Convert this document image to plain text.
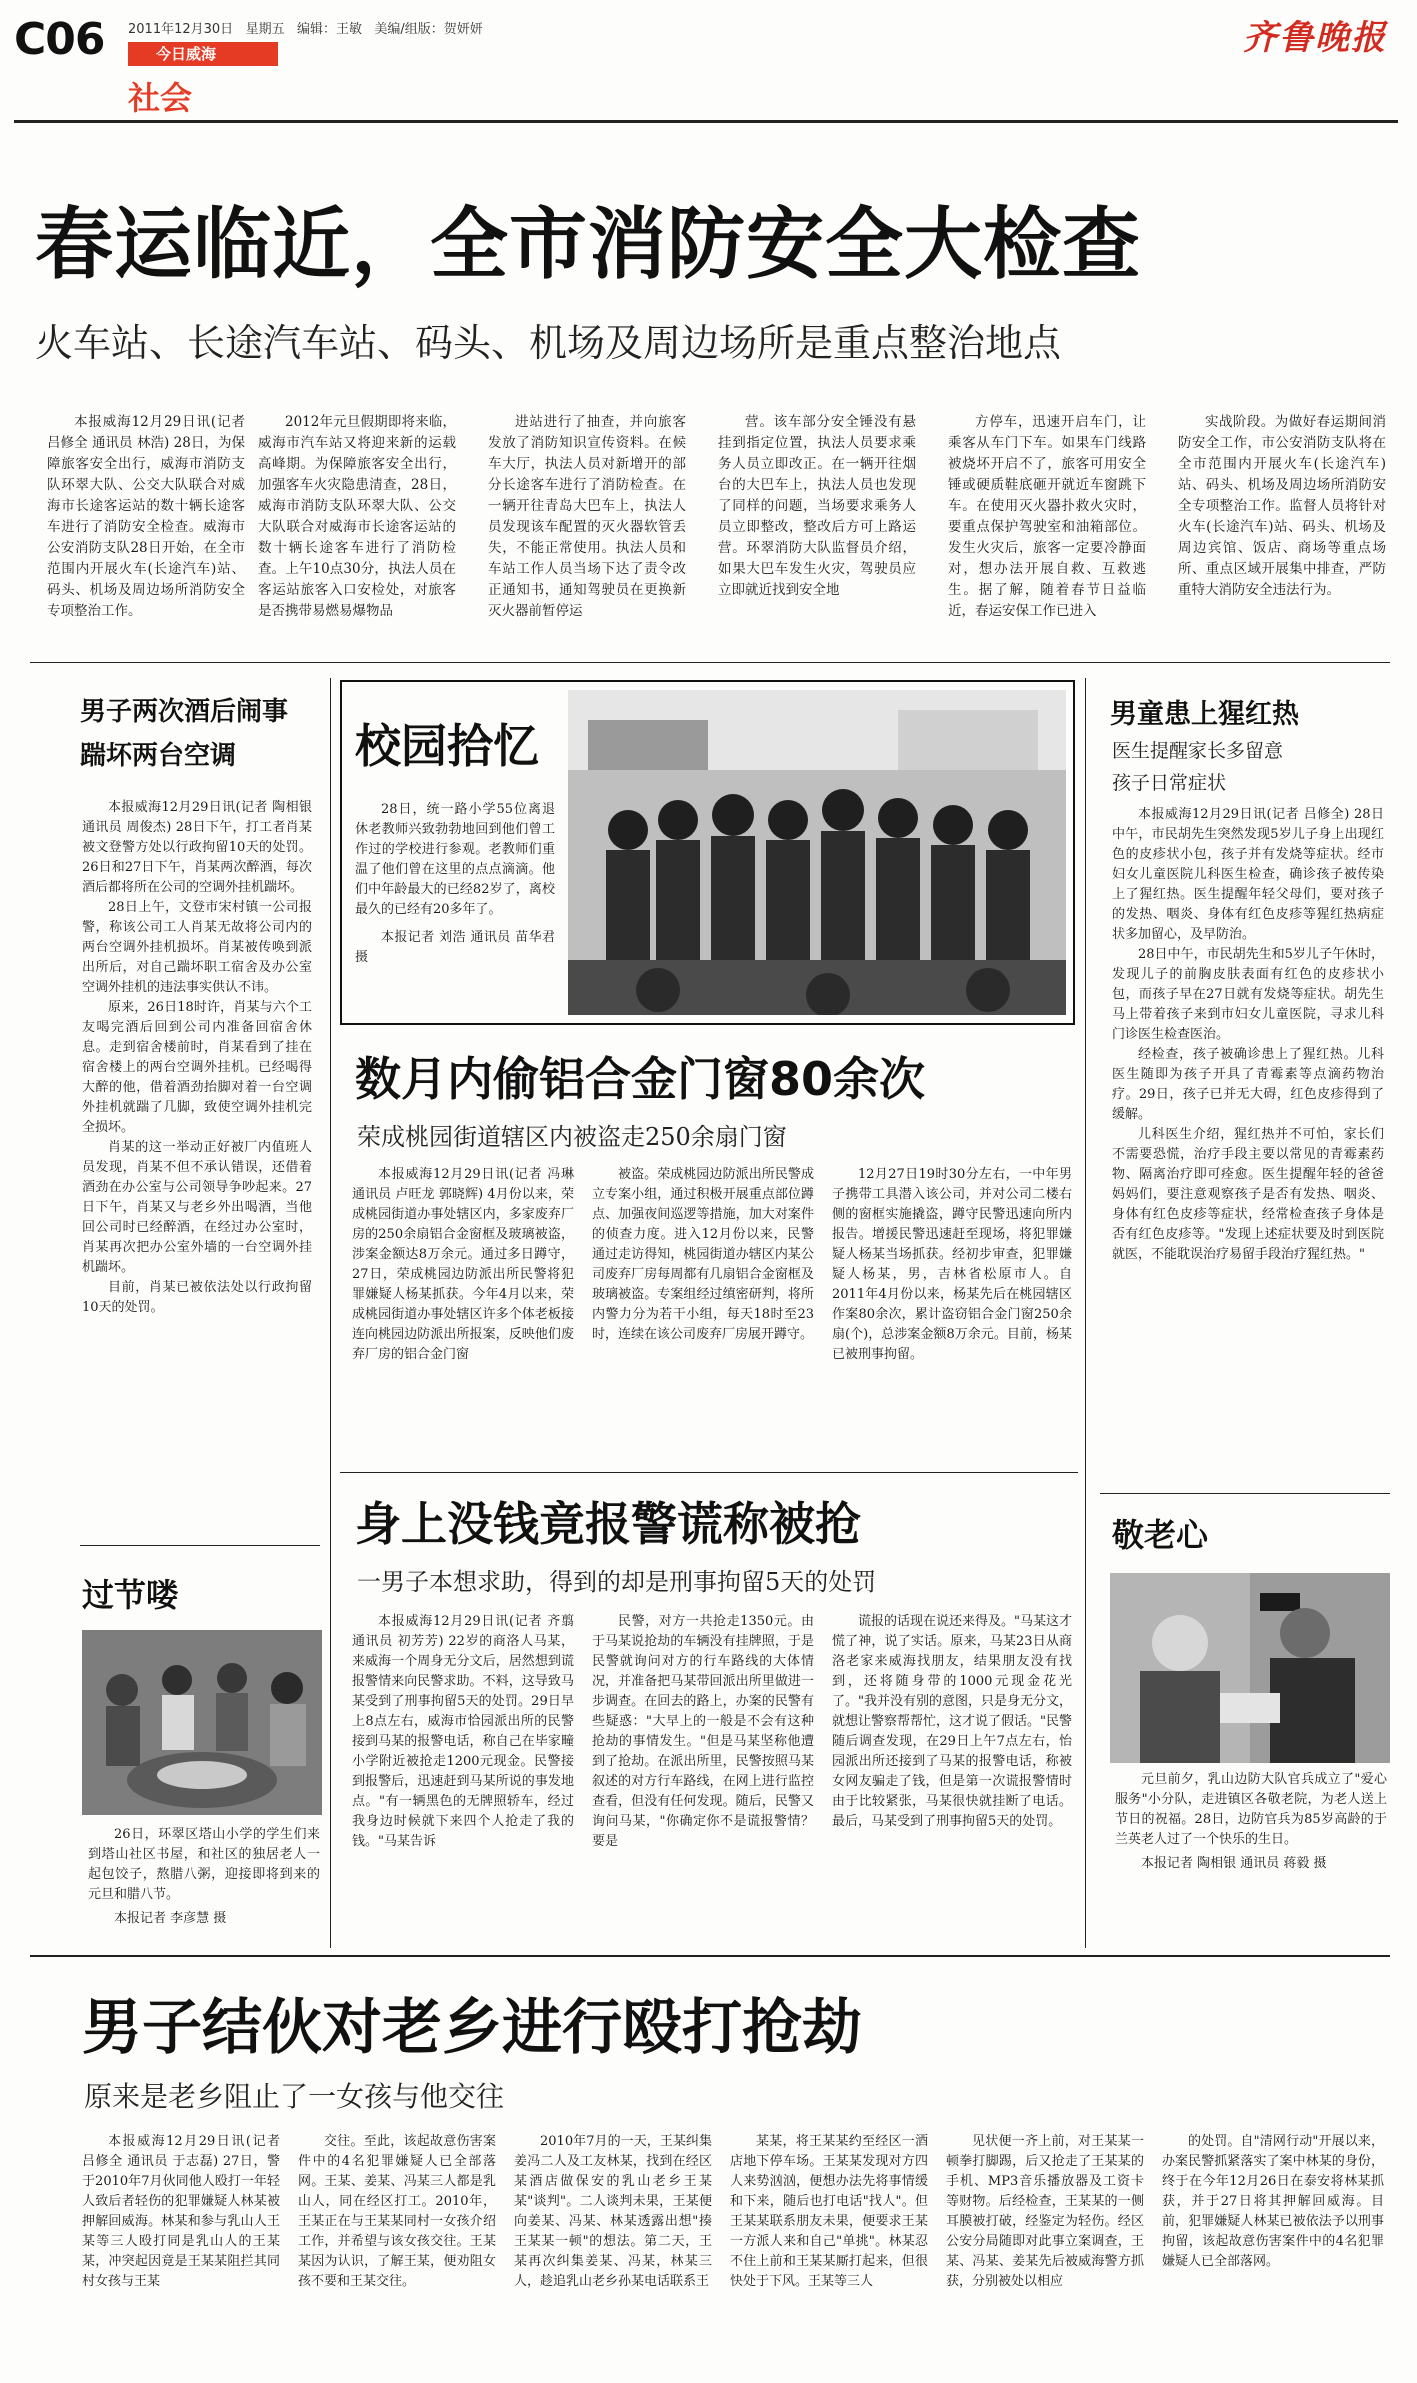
C06 2011年12月30日 星期五 编辑：王敏 美编/组版：贺妍妍
今日威海
社会
齐鲁晚报
春运临近，全市消防安全大检查
火车站、长途汽车站、码头、机场及周边场所是重点整治地点

本报威海12月29日讯(记者 吕修全 通讯员 林浩) 28日，为保障旅客安全出行，威海市消防支队环翠大队、公交大队联合对威海市长途客运站的数十辆长途客车进行了消防安全检查。威海市公安消防支队28日开始，在全市范围内开展火车(长途汽车)站、码头、机场及周边场所消防安全专项整治工作。

2012年元旦假期即将来临，威海市汽车站又将迎来新的运载高峰期。为保障旅客安全出行，加强客车火灾隐患清查，28日，威海市消防支队环翠大队、公交大队联合对威海市长途客运站的数十辆长途客车进行了消防检查。上午10点30分，执法人员在客运站旅客入口安检处，对旅客是否携带易燃易爆物品

进站进行了抽查，并向旅客发放了消防知识宣传资料。在候车大厅，执法人员对新增开的部分长途客车进行了消防检查。在一辆开往青岛大巴车上，执法人员发现该车配置的灭火器软管丢失，不能正常使用。执法人员和车站工作人员当场下达了责令改正通知书，通知驾驶员在更换新灭火器前暂停运

营。该车部分安全锤没有悬挂到指定位置，执法人员要求乘务人员立即改正。在一辆开往烟台的大巴车上，执法人员也发现了同样的问题，当场要求乘务人员立即整改，整改后方可上路运营。环翠消防大队监督员介绍，如果大巴车发生火灾，驾驶员应立即就近找到安全地

方停车，迅速开启车门，让乘客从车门下车。如果车门线路被烧坏开启不了，旅客可用安全锤或硬质鞋底砸开就近车窗跳下车。在使用灭火器扑救火灾时，要重点保护驾驶室和油箱部位。发生火灾后，旅客一定要冷静面对，想办法开展自救、互救逃生。据了解，随着春节日益临近，春运安保工作已进入

实战阶段。为做好春运期间消防安全工作，市公安消防支队将在全市范围内开展火车(长途汽车)站、码头、机场及周边场所消防安全专项整治工作。监督人员将针对火车(长途汽车)站、码头、机场及周边宾馆、饭店、商场等重点场所、重点区域开展集中排查，严防重特大消防安全违法行为。

男子两次酒后闹事
踹坏两台空调

本报威海12月29日讯(记者 陶相银 通讯员 周俊杰) 28日下午，打工者肖某被文登警方处以行政拘留10天的处罚。26日和27日下午，肖某两次醉酒，每次酒后都将所在公司的空调外挂机踹坏。

28日上午，文登市宋村镇一公司报警，称该公司工人肖某无故将公司内的两台空调外挂机损坏。肖某被传唤到派出所后，对自己踹坏职工宿舍及办公室空调外挂机的违法事实供认不讳。

原来，26日18时许，肖某与六个工友喝完酒后回到公司内准备回宿舍休息。走到宿舍楼前时，肖某看到了挂在宿舍楼上的两台空调外挂机。已经喝得大醉的他，借着酒劲抬脚对着一台空调外挂机就踹了几脚，致使空调外挂机完全损坏。

肖某的这一举动正好被厂内值班人员发现，肖某不但不承认错误，还借着酒劲在办公室与公司领导争吵起来。27日下午，肖某又与老乡外出喝酒，当他回公司时已经醉酒，在经过办公室时，肖某再次把办公室外墙的一台空调外挂机踹坏。

目前，肖某已被依法处以行政拘留10天的处罚。

过节喽

26日，环翠区塔山小学的学生们来到塔山社区书屋，和社区的独居老人一起包饺子，熬腊八粥，迎接即将到来的元旦和腊八节。

本报记者 李彦慧 摄

校园拾忆

28日，统一路小学55位离退休老教师兴致勃勃地回到他们曾工作过的学校进行参观。老教师们重温了他们曾在这里的点点滴滴。他们中年龄最大的已经82岁了，离校最久的已经有20多年了。

本报记者 刘浩 通讯员 苗华君 摄

数月内偷铝合金门窗80余次
荣成桃园街道辖区内被盗走250余扇门窗

本报威海12月29日讯(记者 冯琳 通讯员 卢旺龙 郭晓辉) 4月份以来，荣成桃园街道办事处辖区内，多家废弃厂房的250余扇铝合金窗框及玻璃被盗，涉案金额达8万余元。通过多日蹲守，27日，荣成桃园边防派出所民警将犯罪嫌疑人杨某抓获。今年4月以来，荣成桃园街道办事处辖区许多个体老板接连向桃园边防派出所报案，反映他们废弃厂房的铝合金门窗

被盗。荣成桃园边防派出所民警成立专案小组，通过积极开展重点部位蹲点、加强夜间巡逻等措施，加大对案件的侦查力度。进入12月份以来，民警通过走访得知，桃园街道办辖区内某公司废弃厂房每周都有几扇铝合金窗框及玻璃被盗。专案组经过缜密研判，将所内警力分为若干小组，每天18时至23时，连续在该公司废弃厂房展开蹲守。

12月27日19时30分左右，一中年男子携带工具潜入该公司，并对公司二楼右侧的窗框实施撬盗，蹲守民警迅速向所内报告。增援民警迅速赶至现场，将犯罪嫌疑人杨某当场抓获。经初步审查，犯罪嫌疑人杨某，男，吉林省松原市人。自2011年4月份以来，杨某先后在桃园辖区作案80余次，累计盗窃铝合金门窗250余扇(个)，总涉案金额8万余元。目前，杨某已被刑事拘留。

身上没钱竟报警谎称被抢
一男子本想求助，得到的却是刑事拘留5天的处罚

本报威海12月29日讯(记者 齐翦 通讯员 初芳芳) 22岁的商洛人马某，来威海一个周身无分文后，居然想到谎报警情来向民警求助。不料，这导致马某受到了刑事拘留5天的处罚。29日早上8点左右，威海市恰园派出所的民警接到马某的报警电话，称自己在毕家疃小学附近被抢走1200元现金。民警接到报警后，迅速赶到马某所说的事发地点。"有一辆黑色的无牌照轿车，经过我身边时候就下来四个人抢走了我的钱。"马某告诉

民警，对方一共抢走1350元。由于马某说抢劫的车辆没有挂牌照，于是民警就询问对方的行车路线的大体情况，并准备把马某带回派出所里做进一步调查。在回去的路上，办案的民警有些疑惑："大早上的一般是不会有这种抢劫的事情发生。"但是马某坚称他遭到了抢劫。在派出所里，民警按照马某叙述的对方行车路线，在网上进行监控查看，但没有任何发现。随后，民警又询问马某，"你确定你不是谎报警情？要是

谎报的话现在说还来得及。"马某这才慌了神，说了实话。原来，马某23日从商洛老家来威海找朋友，结果朋友没有找到，还将随身带的1000元现金花光了。"我并没有别的意图，只是身无分文，就想让警察帮帮忙，这才说了假话。"民警随后调查发现，在29日上午7点左右，怡园派出所还接到了马某的报警电话，称被女网友骗走了钱，但是第一次谎报警情时由于比较紧张，马某很快就挂断了电话。最后，马某受到了刑事拘留5天的处罚。

男童患上猩红热
医生提醒家长多留意
孩子日常症状

本报威海12月29日讯(记者 吕修全) 28日中午，市民胡先生突然发现5岁儿子身上出现红色的皮疹状小包，孩子并有发烧等症状。经市妇女儿童医院儿科医生检查，确诊孩子被传染上了猩红热。医生提醒年轻父母们，要对孩子的发热、咽炎、身体有红色皮疹等猩红热病症状多加留心，及早防治。

28日中午，市民胡先生和5岁儿子午休时，发现儿子的前胸皮肤表面有红色的皮疹状小包，而孩子早在27日就有发烧等症状。胡先生马上带着孩子来到市妇女儿童医院，寻求儿科门诊医生检查医治。

经检查，孩子被确诊患上了猩红热。儿科医生随即为孩子开具了青霉素等点滴药物治疗。29日，孩子已并无大碍，红色皮疹得到了缓解。

儿科医生介绍，猩红热并不可怕，家长们不需要恐慌，治疗手段主要以常见的青霉素药物、隔离治疗即可痊愈。医生提醒年轻的爸爸妈妈们，要注意观察孩子是否有发热、咽炎、身体有红色皮疹等症状，经常检查孩子身体是否有红色皮疹等。"发现上述症状要及时到医院就医，不能耽误治疗易留手段治疗猩红热。"

敬老心

元旦前夕，乳山边防大队官兵成立了"爱心服务"小分队，走进镇区各敬老院，为老人送上节日的祝福。28日，边防官兵为85岁高龄的于兰英老人过了一个快乐的生日。

本报记者 陶相银 通讯员 蒋毅 摄

男子结伙对老乡进行殴打抢劫
原来是老乡阻止了一女孩与他交往

本报威海12月29日讯(记者 吕修全 通讯员 于志磊) 27日，警于2010年7月伙同他人殴打一年轻人致后者轻伤的犯罪嫌疑人林某被押解回威海。林某和参与乳山人王某等三人殴打同是乳山人的王某某，冲突起因竟是王某某阻拦其同村女孩与王某

交往。至此，该起故意伤害案件中的4名犯罪嫌疑人已全部落网。王某、姜某、冯某三人都是乳山人，同在经区打工。2010年，王某正在与王某某同村一女孩介绍工作，并希望与该女孩交往。王某某因为认识，了解王某，便劝阻女孩不要和王某交往。

2010年7月的一天，王某纠集姜冯二人及工友林某，找到在经区某酒店做保安的乳山老乡王某某"谈判"。二人谈判未果，王某便向姜某、冯某、林某透露出想"揍王某某一顿"的想法。第二天，王某再次纠集姜某、冯某，林某三人，趁追乳山老乡孙某电话联系王

某某，将王某某约至经区一酒店地下停车场。王某某发现对方四人来势汹汹，便想办法先将事情缓和下来，随后也打电话"找人"。但王某某联系朋友未果，便要求王某一方派人来和自己"单挑"。林某忍不住上前和王某某厮打起来，但很快处于下风。王某等三人

见状便一齐上前，对王某某一顿拳打脚踢，后又抢走了王某某的手机、MP3音乐播放器及工资卡等财物。后经检查，王某某的一侧耳膜被打破，经鉴定为轻伤。经区公安分局随即对此事立案调查，王某、冯某、姜某先后被威海警方抓获，分别被处以相应

的处罚。自"清网行动"开展以来，办案民警抓紧落实了案中林某的身份，终于在今年12月26日在泰安将林某抓获，并于27日将其押解回威海。目前，犯罪嫌疑人林某已被依法予以刑事拘留，该起故意伤害案件中的4名犯罪嫌疑人已全部落网。
